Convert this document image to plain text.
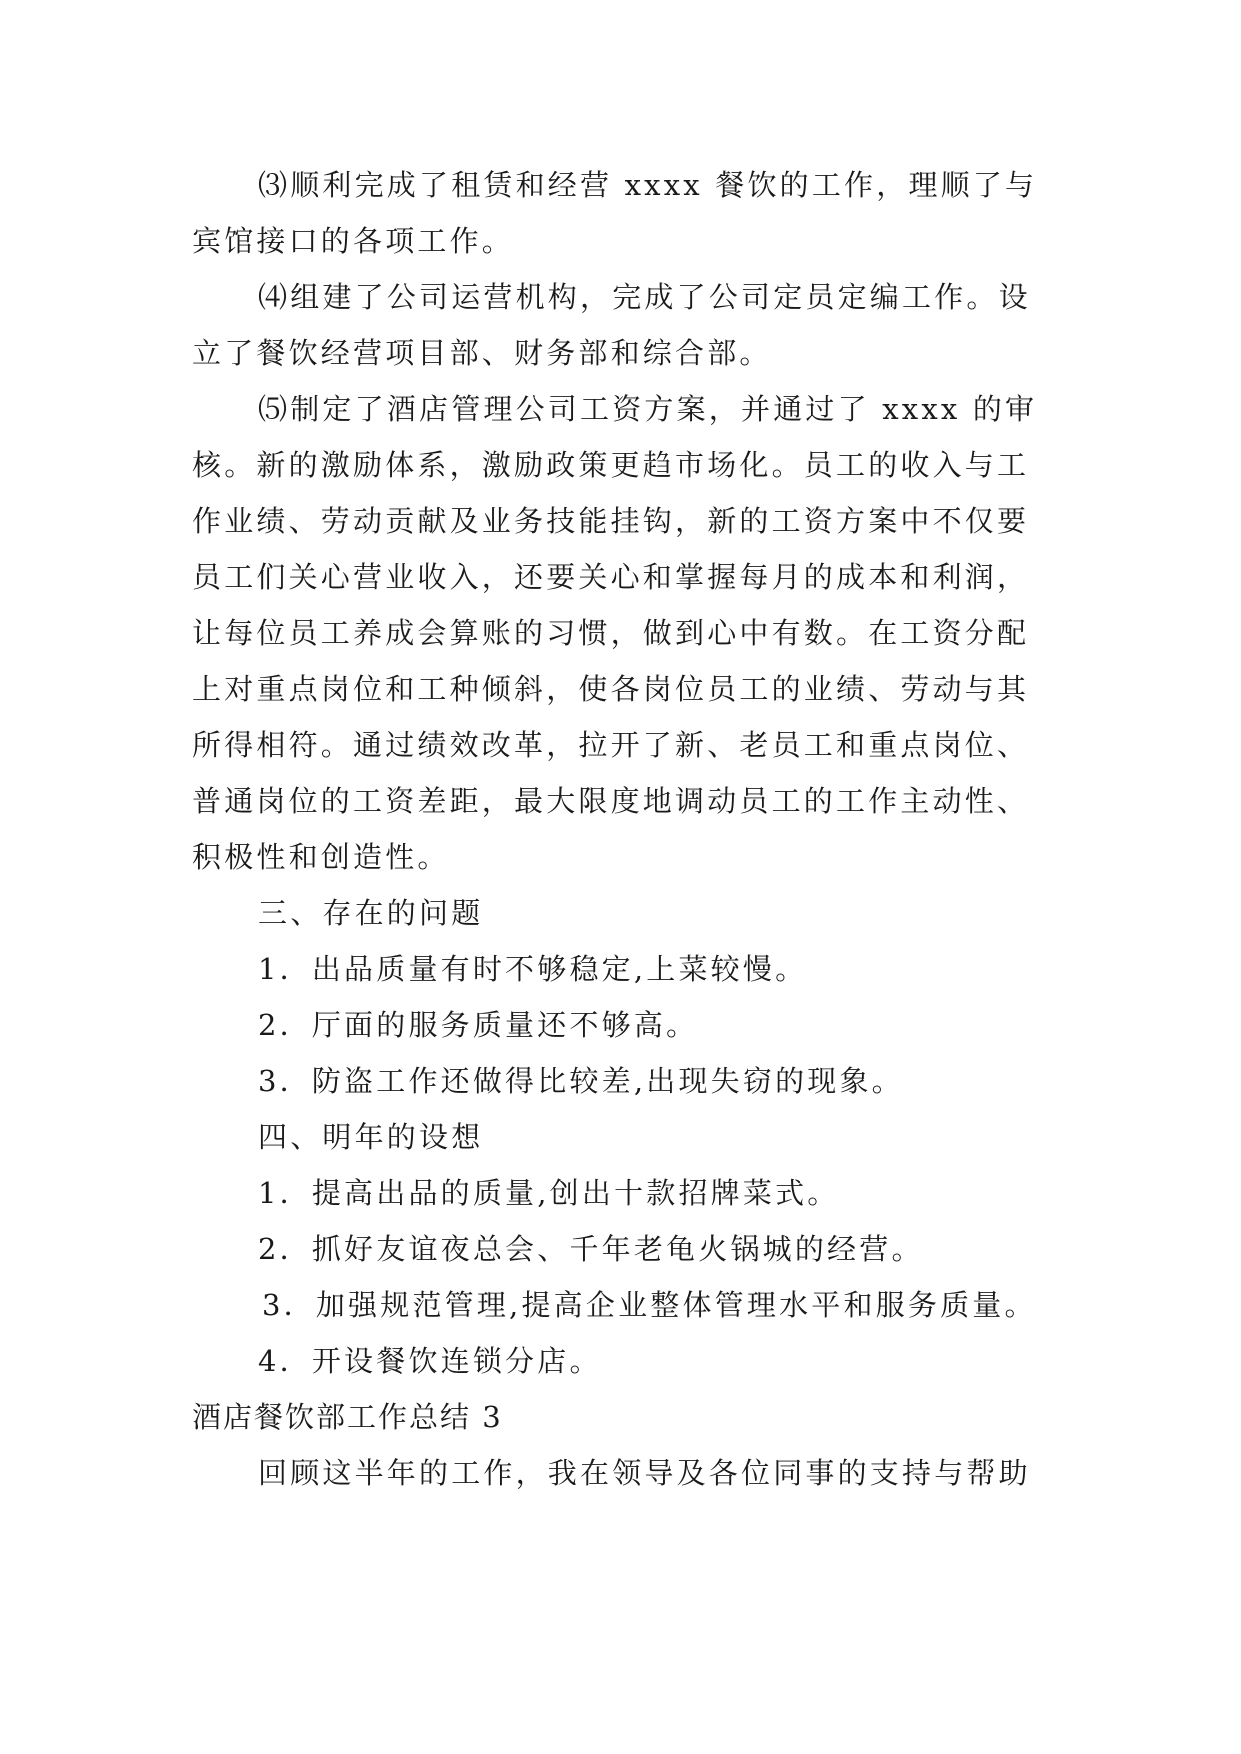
⑶顺利完成了租赁和经营 xxxx 餐饮的工作，理顺了与
宾馆接口的各项工作。
⑷组建了公司运营机构，完成了公司定员定编工作。设
立了餐饮经营项目部、财务部和综合部。
⑸制定了酒店管理公司工资方案，并通过了 xxxx 的审
核。新的激励体系，激励政策更趋市场化。员工的收入与工
作业绩、劳动贡献及业务技能挂钩，新的工资方案中不仅要
员工们关心营业收入，还要关心和掌握每月的成本和利润，
让每位员工养成会算账的习惯，做到心中有数。在工资分配
上对重点岗位和工种倾斜，使各岗位员工的业绩、劳动与其
所得相符。通过绩效改革，拉开了新、老员工和重点岗位、
普通岗位的工资差距，最大限度地调动员工的工作主动性、
积极性和创造性。
三、存在的问题
1．出品质量有时不够稳定,上菜较慢。
2．厅面的服务质量还不够高。
3．防盗工作还做得比较差,出现失窃的现象。
四、明年的设想
1．提高出品的质量,创出十款招牌菜式。
2．抓好友谊夜总会、千年老龟火锅城的经营。
3．加强规范管理,提高企业整体管理水平和服务质量。
4．开设餐饮连锁分店。
酒店餐饮部工作总结 3
回顾这半年的工作，我在领导及各位同事的支持与帮助
